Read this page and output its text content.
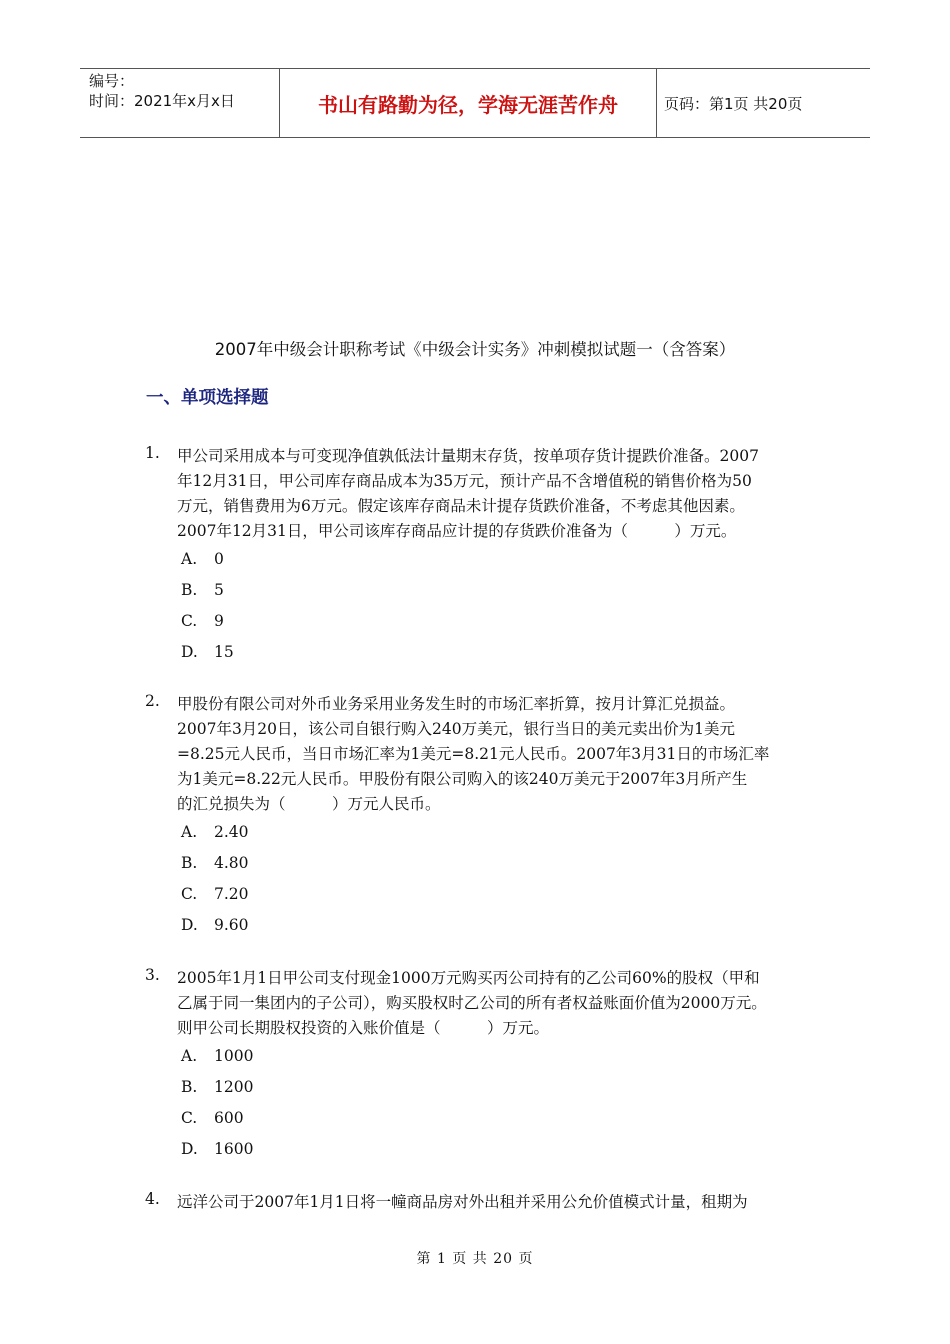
编号：
时间：2021年x月x日	书山有路勤为径，学海无涯苦作舟	页码：第1页 共20页
2007年中级会计职称考试《中级会计实务》冲刺模拟试题一（含答案）
一、单项选择题
1. 甲公司采用成本与可变现净值孰低法计量期末存货，按单项存货计提跌价准备。2007
年12月31日，甲公司库存商品成本为35万元，预计产品不含增值税的销售价格为50
万元，销售费用为6万元。假定该库存商品未计提存货跌价准备，不考虑其他因素。
2007年12月31日，甲公司该库存商品应计提的存货跌价准备为（　　　）万元。
A. 0
B. 5
C. 9
D. 15
2. 甲股份有限公司对外币业务采用业务发生时的市场汇率折算，按月计算汇兑损益。
2007年3月20日，该公司自银行购入240万美元，银行当日的美元卖出价为1美元
=8.25元人民币，当日市场汇率为1美元=8.21元人民币。2007年3月31日的市场汇率
为1美元=8.22元人民币。甲股份有限公司购入的该240万美元于2007年3月所产生
的汇兑损失为（　　　）万元人民币。
A. 2.40
B. 4.80
C. 7.20
D. 9.60
3. 2005年1月1日甲公司支付现金1000万元购买丙公司持有的乙公司60%的股权（甲和
乙属于同一集团内的子公司），购买股权时乙公司的所有者权益账面价值为2000万元。
则甲公司长期股权投资的入账价值是（　　　）万元。
A. 1000
B. 1200
C. 600
D. 1600
4. 远洋公司于2007年1月1日将一幢商品房对外出租并采用公允价值模式计量，租期为
第 1 页 共 20 页
